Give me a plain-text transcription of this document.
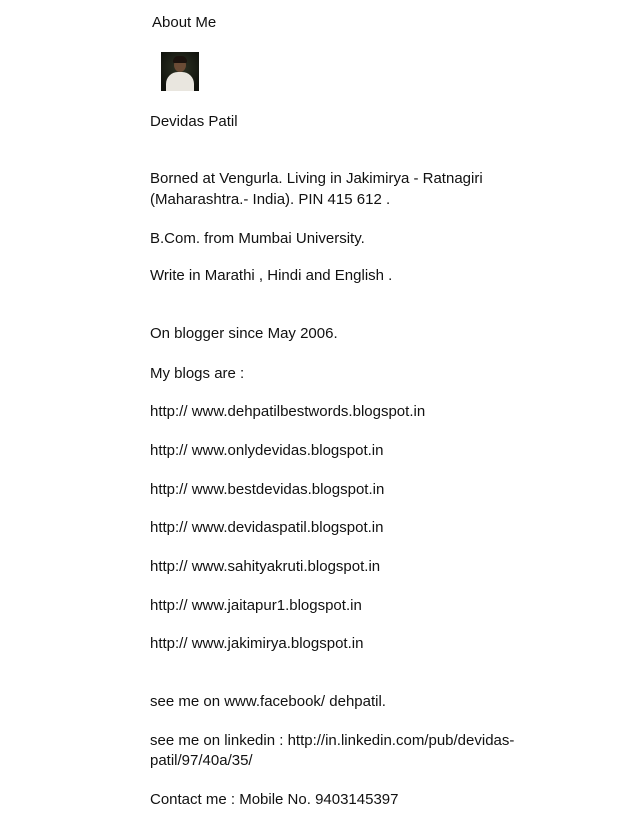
About Me
Devidas Patil
Borned at Vengurla. Living in Jakimirya - Ratnagiri
(Maharashtra.- India). PIN 415 612 .
B.Com. from Mumbai University.
Write in Marathi , Hindi and English .
On blogger since May 2006.
My blogs are :
http:// www.dehpatilbestwords.blogspot.in
http:// www.onlydevidas.blogspot.in
http:// www.bestdevidas.blogspot.in
http:// www.devidaspatil.blogspot.in
http:// www.sahityakruti.blogspot.in
http:// www.jaitapur1.blogspot.in
http:// www.jakimirya.blogspot.in
see me on www.facebook/ dehpatil.
see me on linkedin : http://in.linkedin.com/pub/devidas-
patil/97/40a/35/
Contact me : Mobile No. 9403145397
